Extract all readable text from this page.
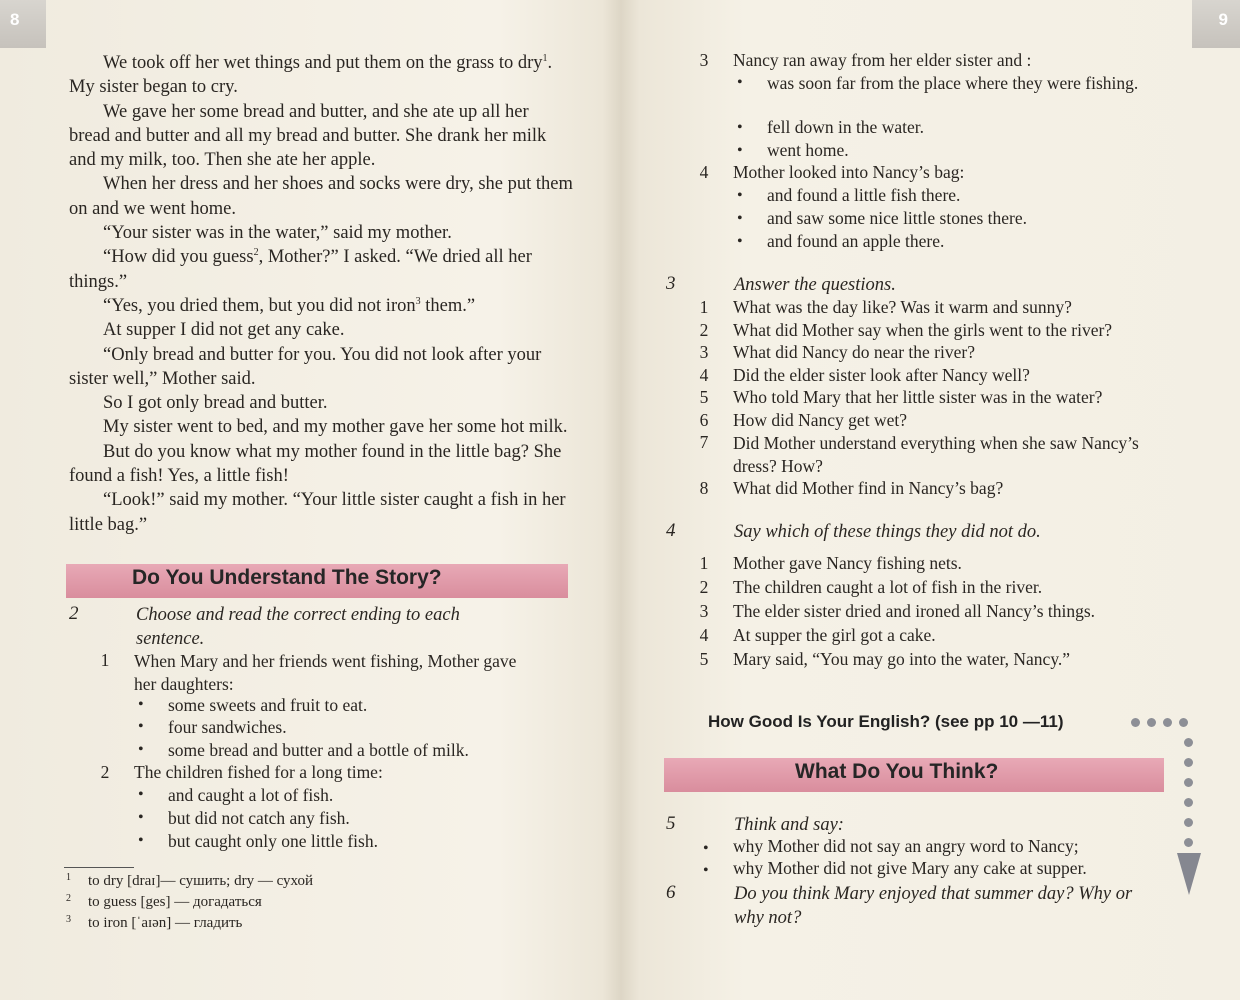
8

We took off her wet things and put them on the grass to dry$^1$. My sister began to cry.

We gave her some bread and butter, and she ate up all her bread and butter and all my bread and butter. She drank her milk and my milk, too. Then she ate her apple.

When her dress and her shoes and socks were dry, she put them on and we went home.

“Your sister was in the water,” said my mother.

“How did you guess$^2$, Mother?” I asked. “We dried all her things.”

“Yes, you dried them, but you did not iron$^3$ them.”

At supper I did not get any cake.

“Only bread and butter for you. You did not look after your sister well,” Mother said.

So I got only bread and butter.

My sister went to bed, and my mother gave her some hot milk.

But do you know what my mother found in the little bag? She found a fish! Yes, a little fish!

“Look!” said my mother. “Your little sister caught a fish in her little bag.”

Do You Understand The Story?
2	Choose and read the correct ending to each sentence.
1 When Mary and her friends went fishing, Mother gave her daughters:
• some sweets and fruit to eat.
• four sandwiches.
• some bread and butter and a bottle of milk.
2 The children fished for a long time:
• and caught a lot of fish.
• but did not catch any fish.
• but caught only one little fish.
1 to dry [draɪ]— сушить; dry — сухой
2 to guess [ges] — догадаться
3 to iron [ˈaɪən] — гладить
9
3 Nancy ran away from her elder sister and :
• was soon far from the place where they were fishing.
• fell down in the water.
• went home.
4 Mother looked into Nancy’s bag:
• and found a little fish there.
• and saw some nice little stones there.
• and found an apple there.
3	Answer the questions.
1 What was the day like? Was it warm and sunny?
2 What did Mother say when the girls went to the river?
3 What did Nancy do near the river?
4 Did the elder sister look after Nancy well?
5 Who told Mary that her little sister was in the water?
6 How did Nancy get wet?
7 Did Mother understand everything when she saw Nancy’s dress? How?
8 What did Mother find in Nancy’s bag?
4	Say which of these things they did not do.
1 Mother gave Nancy fishing nets.
2 The children caught a lot of fish in the river.
3 The elder sister dried and ironed all Nancy’s things.
4 At supper the girl got a cake.
5 Mary said, “You may go into the water, Nancy.”
How Good Is Your English? (see pp 10 —11)
What Do You Think?
5	Think and say:
• why Mother did not say an angry word to Nancy;
• why Mother did not give Mary any cake at supper.
6	Do you think Mary enjoyed that summer day? Why or why not?
